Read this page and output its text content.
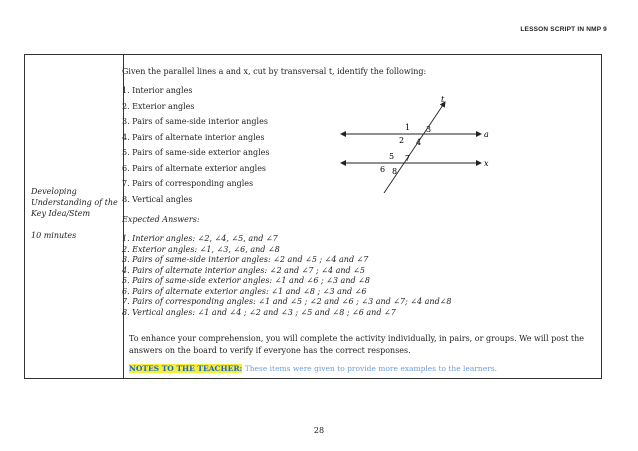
LESSON SCRIPT IN NMP 9
Developing Understanding of the Key Idea/Stem
10 minutes
Given the parallel lines a and x, cut by transversal t, identify the following:
1. Interior angles
2. Exterior angles
3. Pairs of same-side interior angles
4. Pairs of alternate interior angles
5. Pairs of same-side exterior angles
6. Pairs of alternate exterior angles
7. Pairs of corresponding angles
8. Vertical angles
Expected Answers:
1. Interior angles: ∠2, ∠4, ∠5, and ∠7
2. Exterior angles: ∠1, ∠3, ∠6, and ∠8
3. Pairs of same-side interior angles: ∠2 and ∠5 ; ∠4 and ∠7
4. Pairs of alternate interior angles: ∠2 and ∠7 ; ∠4 and ∠5
5. Pairs of same-side exterior angles: ∠1 and ∠6 ; ∠3 and ∠8
6. Pairs of alternate exterior angles: ∠1 and ∠8 ; ∠3 and ∠6
7. Pairs of corresponding angles: ∠1 and ∠5 ; ∠2 and ∠6 ; ∠3 and ∠7; ∠4 and∠8
8. Vertical angles: ∠1 and ∠4 ; ∠2 and ∠3 ; ∠5 and ∠8 ; ∠6 and ∠7
t
a
x
1 3
2 4
5 7
6 8
To enhance your comprehension, you will complete the activity individually, in pairs, or groups. We will post the answers on the board to verify if everyone has the correct responses.
NOTES TO THE TEACHER: These items were given to provide more examples to the learners.
28
